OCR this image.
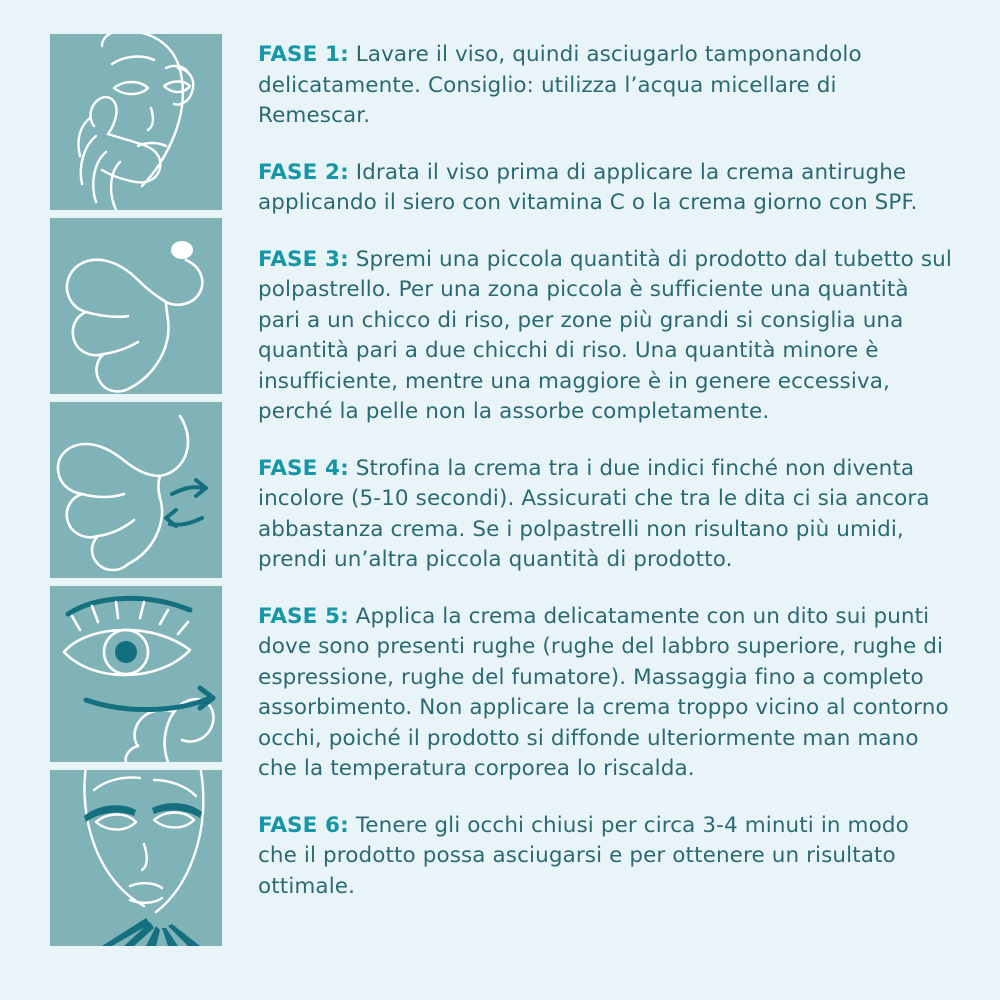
FASE 1: Lavare il viso, quindi asciugarlo tamponandolo delicatamente. Consiglio: utilizza l’acqua micellare di Remescar.

FASE 2: Idrata il viso prima di applicare la crema antirughe applicando il siero con vitamina C o la crema giorno con SPF.

FASE 3: Spremi una piccola quantità di prodotto dal tubetto sul polpastrello. Per una zona piccola è sufficiente una quantità pari a un chicco di riso, per zone più grandi si consiglia una quantità pari a due chicchi di riso. Una quantità minore è insufficiente, mentre una maggiore è in genere eccessiva, perché la pelle non la assorbe completamente.

FASE 4: Strofina la crema tra i due indici finché non diventa incolore (5-10 secondi). Assicurati che tra le dita ci sia ancora abbastanza crema. Se i polpastrelli non risultano più umidi, prendi un’altra piccola quantità di prodotto.

FASE 5: Applica la crema delicatamente con un dito sui punti dove sono presenti rughe (rughe del labbro superiore, rughe di espressione, rughe del fumatore). Massaggia fino a completo assorbimento. Non applicare la crema troppo vicino al contorno occhi, poiché il prodotto si diffonde ulteriormente man mano che la temperatura corporea lo riscalda.

FASE 6: Tenere gli occhi chiusi per circa 3-4 minuti in modo che il prodotto possa asciugarsi e per ottenere un risultato ottimale.
